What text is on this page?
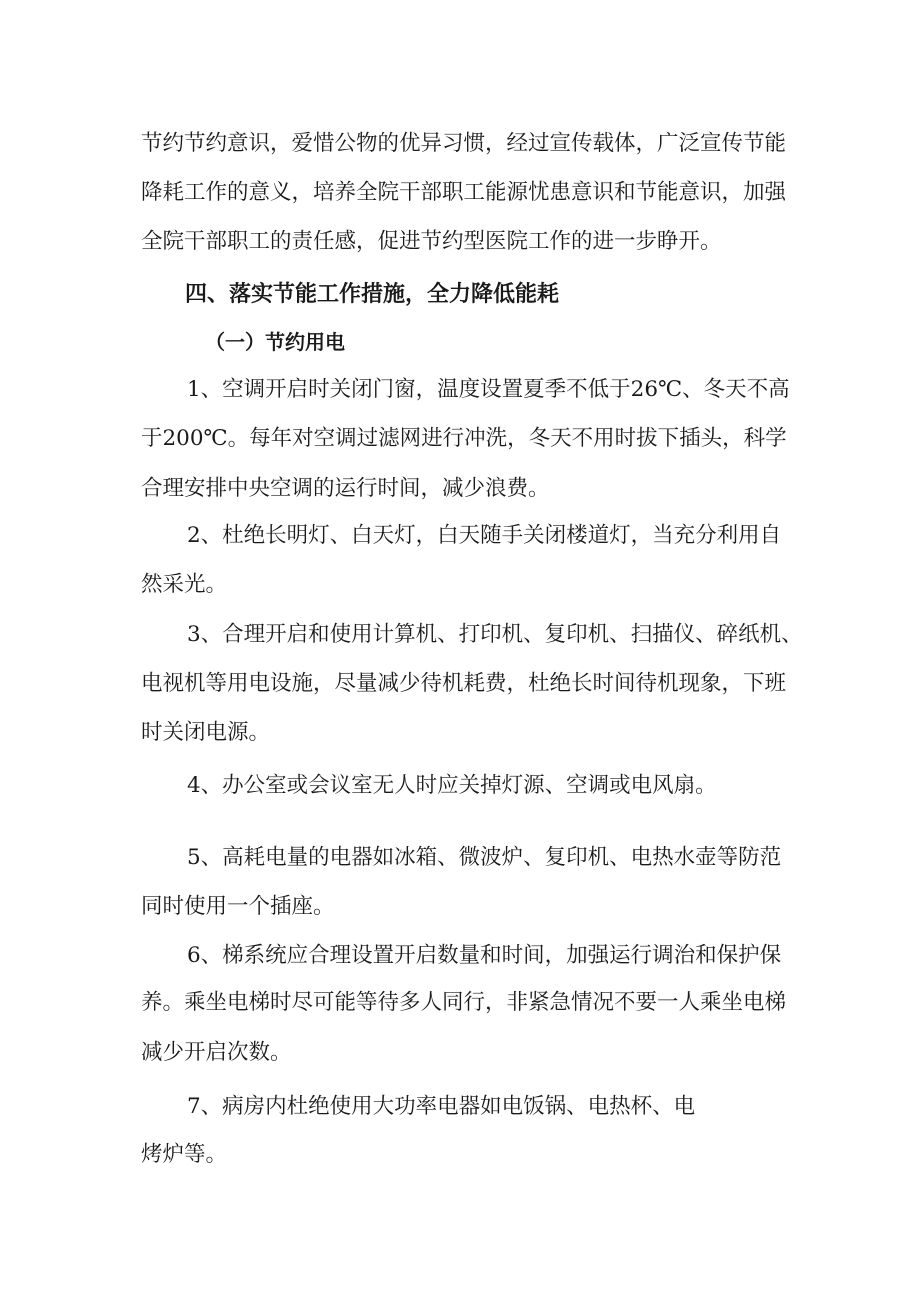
节约节约意识，爱惜公物的优异习惯，经过宣传载体，广泛宣传节能
降耗工作的意义，培养全院干部职工能源忧患意识和节能意识，加强
全院干部职工的责任感，促进节约型医院工作的进一步睁开。
四、落实节能工作措施，全力降低能耗
（一）节约用电
1、空调开启时关闭门窗，温度设置夏季不低于26℃、冬天不高
于200℃。每年对空调过滤网进行冲洗，冬天不用时拔下插头，科学
合理安排中央空调的运行时间，减少浪费。
2、杜绝长明灯、白天灯，白天随手关闭楼道灯，当充分利用自
然采光。
3、合理开启和使用计算机、打印机、复印机、扫描仪、碎纸机、
电视机等用电设施，尽量减少待机耗费，杜绝长时间待机现象，下班
时关闭电源。
4、办公室或会议室无人时应关掉灯源、空调或电风扇。
5、高耗电量的电器如冰箱、微波炉、复印机、电热水壶等防范
同时使用一个插座。
6、梯系统应合理设置开启数量和时间，加强运行调治和保护保
养。乘坐电梯时尽可能等待多人同行，非紧急情况不要一人乘坐电梯
减少开启次数。
7、病房内杜绝使用大功率电器如电饭锅、电热杯、电
烤炉等。
